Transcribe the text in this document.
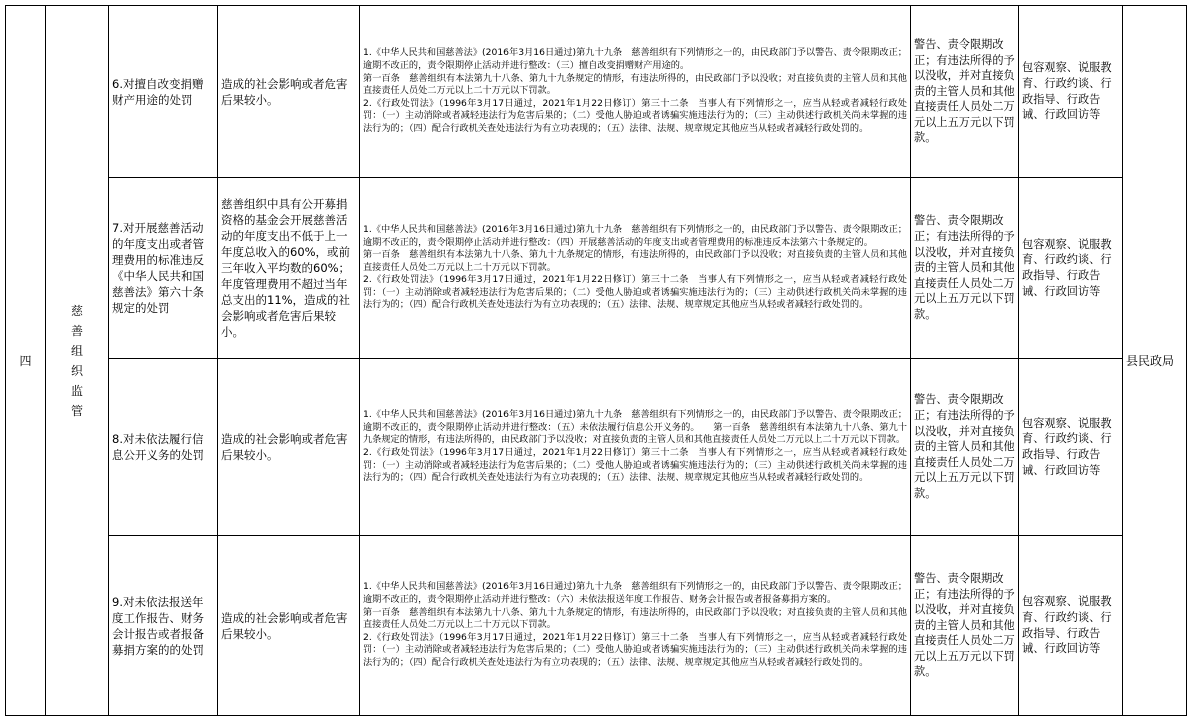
四	慈善组织监管	6.对擅自改变捐赠财产用途的处罚	造成的社会影响或者危害后果较小。	1.《中华人民共和国慈善法》(2016年3月16日通过)第九十九条　慈善组织有下列情形之一的，由民政部门予以警告、责令限期改正；逾期不改正的，责令限期停止活动并进行整改：（三）擅自改变捐赠财产用途的。

第一百条　慈善组织有本法第九十八条、第九十九条规定的情形，有违法所得的，由民政部门予以没收；对直接负责的主管人员和其他直接责任人员处二万元以上二十万元以下罚款。

2.《行政处罚法》（1996年3月17日通过，2021年1月22日修订）第三十二条　当事人有下列情形之一，应当从轻或者减轻行政处罚：（一）主动消除或者减轻违法行为危害后果的；（二）受他人胁迫或者诱骗实施违法行为的；（三）主动供述行政机关尚未掌握的违法行为的；（四）配合行政机关查处违法行为有立功表现的；（五）法律、法规、规章规定其他应当从轻或者减轻行政处罚的。	警告、责令限期改正；有违法所得的予以没收，并对直接负责的主管人员和其他直接责任人员处二万元以上五万元以下罚款。	包容观察、说服教育、行政约谈、行政指导、行政告诫、行政回访等	县民政局
		7.对开展慈善活动的年度支出或者管理费用的标准违反《中华人民共和国慈善法》第六十条规定的处罚	慈善组织中具有公开募捐资格的基金会开展慈善活动的年度支出不低于上一年度总收入的60%，或前三年收入平均数的60%；年度管理费用不超过当年总支出的11%，造成的社会影响或者危害后果较小。	1.《中华人民共和国慈善法》(2016年3月16日通过)第九十九条　慈善组织有下列情形之一的，由民政部门予以警告、责令限期改正；逾期不改正的，责令限期停止活动并进行整改：（四）开展慈善活动的年度支出或者管理费用的标准违反本法第六十条规定的。

第一百条　慈善组织有本法第九十八条、第九十九条规定的情形，有违法所得的，由民政部门予以没收；对直接负责的主管人员和其他直接责任人员处二万元以上二十万元以下罚款。

2.《行政处罚法》（1996年3月17日通过，2021年1月22日修订）第三十二条　当事人有下列情形之一，应当从轻或者减轻行政处罚：（一）主动消除或者减轻违法行为危害后果的；（二）受他人胁迫或者诱骗实施违法行为的；（三）主动供述行政机关尚未掌握的违法行为的；（四）配合行政机关查处违法行为有立功表现的；（五）法律、法规、规章规定其他应当从轻或者减轻行政处罚的。	警告、责令限期改正；有违法所得的予以没收，并对直接负责的主管人员和其他直接责任人员处二万元以上五万元以下罚款。	包容观察、说服教育、行政约谈、行政指导、行政告诫、行政回访等	
		8.对未依法履行信息公开义务的处罚	造成的社会影响或者危害后果较小。	1.《中华人民共和国慈善法》(2016年3月16日通过)第九十九条　慈善组织有下列情形之一的，由民政部门予以警告、责令限期改正；逾期不改正的，责令限期停止活动并进行整改：（五）未依法履行信息公开义务的。　　第一百条　慈善组织有本法第九十八条、第九十九条规定的情形，有违法所得的，由民政部门予以没收；对直接负责的主管人员和其他直接责任人员处二万元以上二十万元以下罚款。

2.《行政处罚法》（1996年3月17日通过，2021年1月22日修订）第三十二条　当事人有下列情形之一，应当从轻或者减轻行政处罚：（一）主动消除或者减轻违法行为危害后果的；（二）受他人胁迫或者诱骗实施违法行为的；（三）主动供述行政机关尚未掌握的违法行为的；（四）配合行政机关查处违法行为有立功表现的；（五）法律、法规、规章规定其他应当从轻或者减轻行政处罚的。	警告、责令限期改正；有违法所得的予以没收，并对直接负责的主管人员和其他直接责任人员处二万元以上五万元以下罚款。	包容观察、说服教育、行政约谈、行政指导、行政告诫、行政回访等	
		9.对未依法报送年度工作报告、财务会计报告或者报备募捐方案的的处罚	造成的社会影响或者危害后果较小。	1.《中华人民共和国慈善法》(2016年3月16日通过)第九十九条　慈善组织有下列情形之一的，由民政部门予以警告、责令限期改正；逾期不改正的，责令限期停止活动并进行整改：（六）未依法报送年度工作报告、财务会计报告或者报备募捐方案的。

第一百条　慈善组织有本法第九十八条、第九十九条规定的情形，有违法所得的，由民政部门予以没收；对直接负责的主管人员和其他直接责任人员处二万元以上二十万元以下罚款。

2.《行政处罚法》（1996年3月17日通过，2021年1月22日修订）第三十二条　当事人有下列情形之一，应当从轻或者减轻行政处罚：（一）主动消除或者减轻违法行为危害后果的；（二）受他人胁迫或者诱骗实施违法行为的；（三）主动供述行政机关尚未掌握的违法行为的；（四）配合行政机关查处违法行为有立功表现的；（五）法律、法规、规章规定其他应当从轻或者减轻行政处罚的。	警告、责令限期改正；有违法所得的予以没收，并对直接负责的主管人员和其他直接责任人员处二万元以上五万元以下罚款。	包容观察、说服教育、行政约谈、行政指导、行政告诫、行政回访等	
